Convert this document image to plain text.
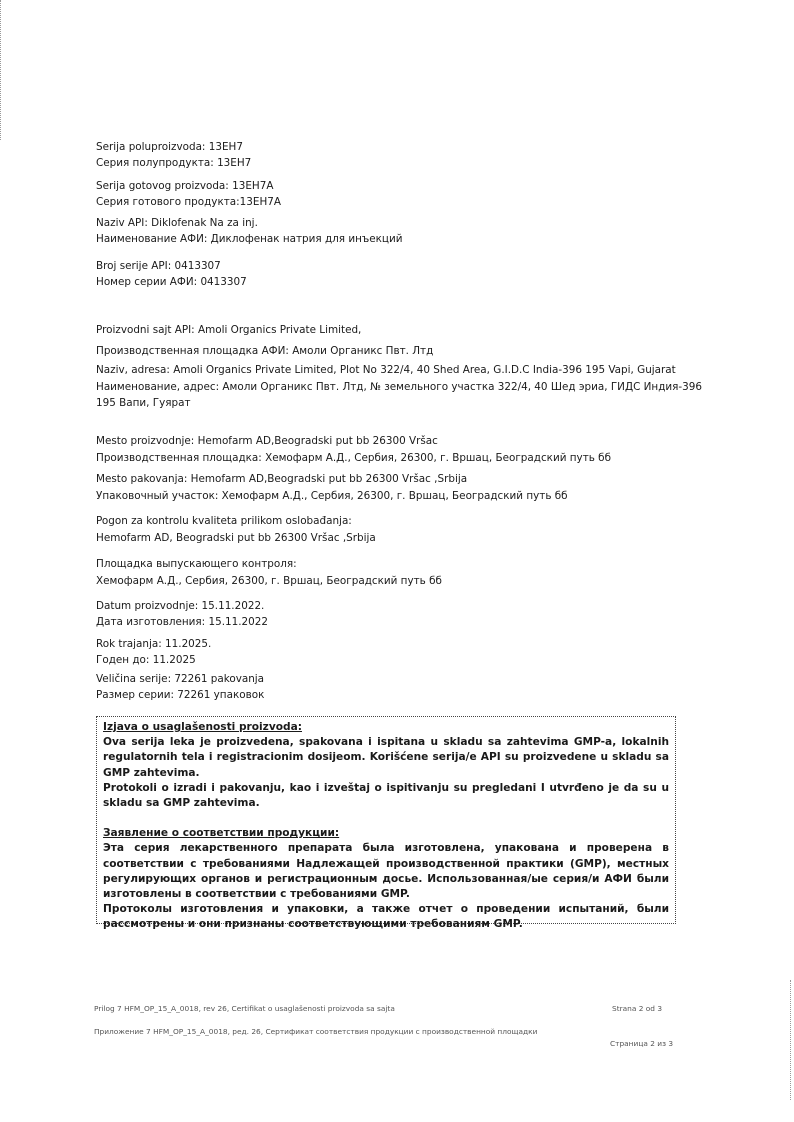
Serija poluproizvoda: 13EH7
Серия полупродукта: 13EH7
Serija gotovog proizvoda: 13EH7A
Серия готового продукта:13EH7A
Naziv API: Diklofenak Na za inj.
Наименование АФИ: Диклофенак натрия для инъекций
Broj serije API: 0413307
Номер серии АФИ: 0413307
Proizvodni sajt API: Amoli Organics Private Limited,
Производственная площадка АФИ: Амоли Органикс Пвт. Лтд
Naziv, adresa: Amoli Organics Private Limited, Plot No 322/4, 40 Shed Area, G.I.D.C India-396 195 Vapi, Gujarat
Наименование, адрес: Амоли Органикс Пвт. Лтд, № земельного участка 322/4, 40 Шед эриа, ГИДС Индия-396
195 Вапи, Гуярат
Mesto proizvodnje: Hemofarm AD,Beogradski put bb 26300 Vršac
Производственная площадка: Хемофарм А.Д., Сербия, 26300, г. Вршац, Београдский путь бб
Mesto pakovanja: Hemofarm AD,Beogradski put bb 26300 Vršac ,Srbija
Упаковочный участок: Хемофарм А.Д., Сербия, 26300, г. Вршац, Београдский путь бб
Pogon za kontrolu kvaliteta prilikom oslobađanja:
Hemofarm AD, Beogradski put bb 26300 Vršac ,Srbija
Площадка выпускающего контроля:
Хемофарм А.Д., Сербия, 26300, г. Вршац, Београдский путь бб
Datum proizvodnje: 15.11.2022.
Дата изготовления: 15.11.2022
Rok trajanja: 11.2025.
Годен до: 11.2025
Veličina serije: 72261 pakovanja
Размер серии: 72261 упаковок

Izjava o usaglašenosti proizvoda:

Ova serija leka je proizvedena, spakovana i ispitana u skladu sa zahtevima GMP-a, lokalnih regulatornih tela i registracionim dosijeom. Korišćene serija/e API su proizvedene u skladu sa GMP zahtevima.

Protokoli o izradi i pakovanju, kao i izveštaj o ispitivanju su pregledani I utvrđeno je da su u skladu sa GMP zahtevima.

Заявление о соответствии продукции:

Эта серия лекарственного препарата была изготовлена, упакована и проверена в соответствии с требованиями Надлежащей производственной практики (GMP), местных регулирующих органов и регистрационным досье. Использованная/ые серия/и АФИ были изготовлены в соответствии с требованиями GMP.

Протоколы изготовления и упаковки, а также отчет о проведении испытаний, были рассмотрены и они признаны соответствующими требованиям GMP.

Prilog 7 HFM_OP_15_A_0018, rev 26, Certifikat o usaglašenosti proizvoda sa sajta	Strana 2 od 3
Приложение 7 HFM_OP_15_A_0018, ред. 26, Сертификат соответствия продукции с производственной площадки
Страница 2 из 3
